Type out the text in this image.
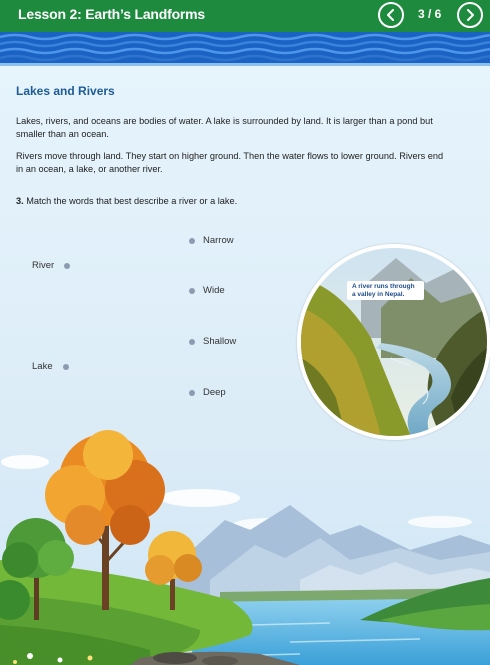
Lesson 2: Earth’s Landforms	3 / 6
Lakes and Rivers

Lakes, rivers, and oceans are bodies of water. A lake is surrounded by land. It is larger than a pond but smaller than an ocean.

Rivers move through land. They start on higher ground. Then the water flows to lower ground. Rivers end in an ocean, a lake, or another river.

3. Match the words that best describe a river or a lake.
A river runs through a valley in Nepal.
River
Lake
Narrow
Wide
Shallow
Deep
